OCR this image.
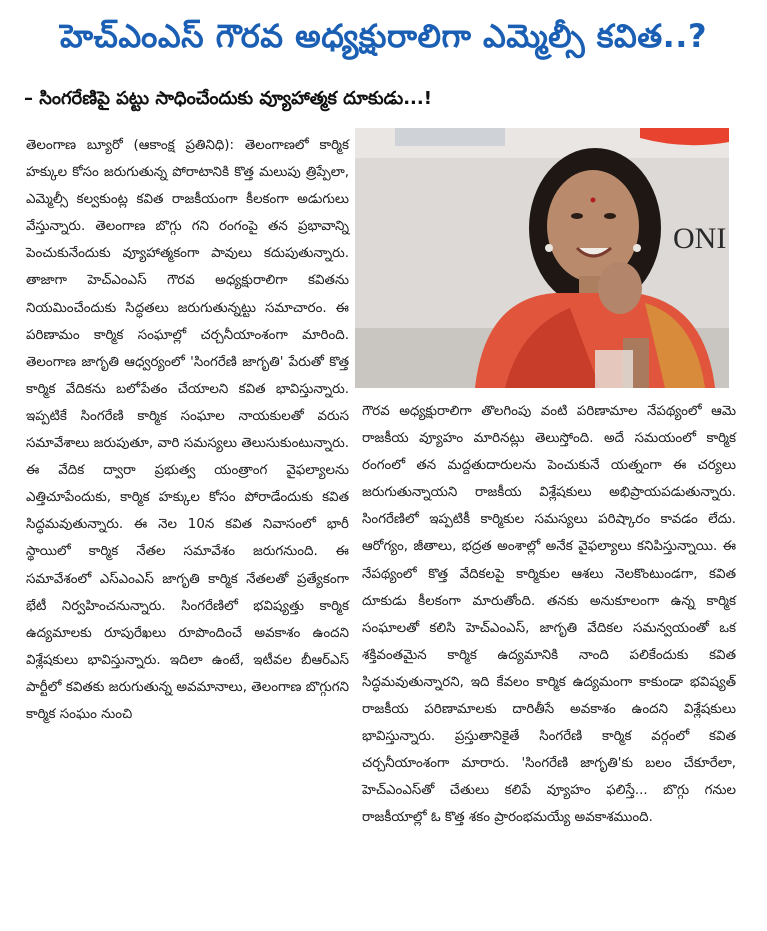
హెచ్ఎంఎస్ గౌరవ అధ్యక్షురాలిగా ఎమ్మెల్సీ కవిత..?
– సింగరేణిపై పట్టు సాధించేందుకు వ్యూహాత్మక దూకుడు...!
ONI

తెలంగాణ బ్యూరో (ఆకాంక్ష ప్రతినిధి): తెలంగాణలో కార్మిక హక్కుల కోసం జరుగుతున్న పోరాటానికి కొత్త మలుపు త్రిప్పేలా, ఎమ్మెల్సీ కల్వకుంట్ల కవిత రాజకీయంగా కీలకంగా అడుగులు వేస్తున్నారు. తెలంగాణ బొగ్గు గని రంగంపై తన ప్రభావాన్ని పెంచుకునేందుకు వ్యూహాత్మకంగా పావులు కదుపుతున్నారు. తాజాగా హెచ్ఎంఎస్ గౌరవ అధ్యక్షురాలిగా కవితను నియమించేందుకు సిద్ధతలు జరుగుతున్నట్టు సమాచారం. ఈ పరిణామం కార్మిక సంఘాల్లో చర్చనీయాంశంగా మారింది. తెలంగాణ జాగృతి ఆధ్వర్యంలో 'సింగరేణి జాగృతి' పేరుతో కొత్త కార్మిక వేదికను బలోపేతం చేయాలని కవిత భావిస్తున్నారు. ఇప్పటికే సింగరేణి కార్మిక సంఘాల నాయకులతో వరుస సమావేశాలు జరుపుతూ, వారి సమస్యలు తెలుసుకుంటున్నారు. ఈ వేదిక ద్వారా ప్రభుత్వ యంత్రాంగ వైఫల్యాలను ఎత్తిచూపేందుకు, కార్మిక హక్కుల కోసం పోరాడేందుకు కవిత సిద్ధమవుతున్నారు. ఈ నెల 10న కవిత నివాసంలో భారీ స్థాయిలో కార్మిక నేతల సమావేశం జరుగనుంది. ఈ సమావేశంలో ఎస్ఎంఎస్ జాగృతి కార్మిక నేతలతో ప్రత్యేకంగా భేటీ నిర్వహించనున్నారు. సింగరేణిలో భవిష్యత్తు కార్మిక ఉద్యమాలకు రూపురేఖలు రూపొందించే అవకాశం ఉందని విశ్లేషకులు భావిస్తున్నారు. ఇదిలా ఉంటే, ఇటీవల బీఆర్ఎస్ పార్టీలో కవితకు జరుగుతున్న అవమానాలు, తెలంగాణ బొగ్గుగని కార్మిక సంఘం నుంచి

గౌరవ అధ్యక్షురాలిగా తొలగింపు వంటి పరిణామాల నేపథ్యంలో ఆమె రాజకీయ వ్యూహం మారినట్లు తెలుస్తోంది. అదే సమయంలో కార్మిక రంగంలో తన మద్దతుదారులను పెంచుకునే యత్నంగా ఈ చర్యలు జరుగుతున్నాయని రాజకీయ విశ్లేషకులు అభిప్రాయపడుతున్నారు. సింగరేణిలో ఇప్పటికీ కార్మికుల సమస్యలు పరిష్కారం కావడం లేదు. ఆరోగ్యం, జీతాలు, భద్రత అంశాల్లో అనేక వైఫల్యాలు కనిపిస్తున్నాయి. ఈ నేపథ్యంలో కొత్త వేదికలపై కార్మికుల ఆశలు నెలకొంటుండగా, కవిత దూకుడు కీలకంగా మారుతోంది. తనకు అనుకూలంగా ఉన్న కార్మిక సంఘాలతో కలిసి హెచ్ఎంఎస్, జాగృతి వేదికల సమన్వయంతో ఒక శక్తివంతమైన కార్మిక ఉద్యమానికి నాంది పలికేందుకు కవిత సిద్ధమవుతున్నారని, ఇది కేవలం కార్మిక ఉద్యమంగా కాకుండా భవిష్యత్ రాజకీయ పరిణామాలకు దారితీసే అవకాశం ఉందని విశ్లేషకులు భావిస్తున్నారు. ప్రస్తుతానికైతే సింగరేణి కార్మిక వర్గంలో కవిత చర్చనీయాంశంగా మారారు. 'సింగరేణి జాగృతి'కు బలం చేకూరేలా, హెచ్ఎంఎస్‌తో చేతులు కలిపే వ్యూహం ఫలిస్తే... బొగ్గు గనుల రాజకీయాల్లో ఓ కొత్త శకం ప్రారంభమయ్యే అవకాశముంది.
